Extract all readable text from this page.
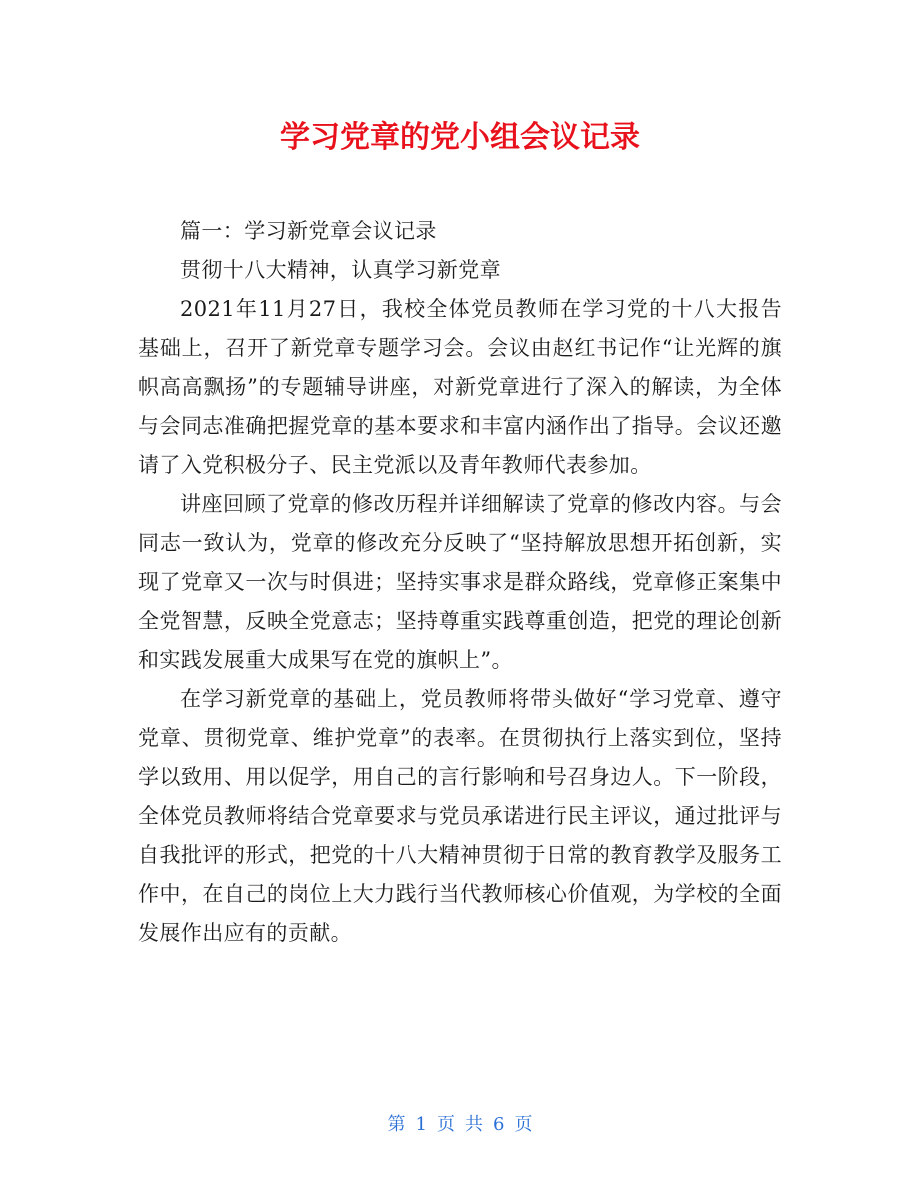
学习党章的党小组会议记录

篇一：学习新党章会议记录

贯彻十八大精神，认真学习新党章

2021年11月27日，我校全体党员教师在学习党的十八大报告基础上，召开了新党章专题学习会。会议由赵红书记作“让光辉的旗帜高高飘扬”的专题辅导讲座，对新党章进行了深入的解读，为全体与会同志准确把握党章的基本要求和丰富内涵作出了指导。会议还邀请了入党积极分子、民主党派以及青年教师代表参加。

讲座回顾了党章的修改历程并详细解读了党章的修改内容。与会同志一致认为，党章的修改充分反映了“坚持解放思想开拓创新，实现了党章又一次与时俱进；坚持实事求是群众路线，党章修正案集中全党智慧，反映全党意志；坚持尊重实践尊重创造，把党的理论创新和实践发展重大成果写在党的旗帜上”。

在学习新党章的基础上，党员教师将带头做好“学习党章、遵守党章、贯彻党章、维护党章”的表率。在贯彻执行上落实到位，坚持学以致用、用以促学，用自己的言行影响和号召身边人。下一阶段，全体党员教师将结合党章要求与党员承诺进行民主评议，通过批评与自我批评的形式，把党的十八大精神贯彻于日常的教育教学及服务工作中，在自己的岗位上大力践行当代教师核心价值观，为学校的全面发展作出应有的贡献。

第 1 页 共 6 页
